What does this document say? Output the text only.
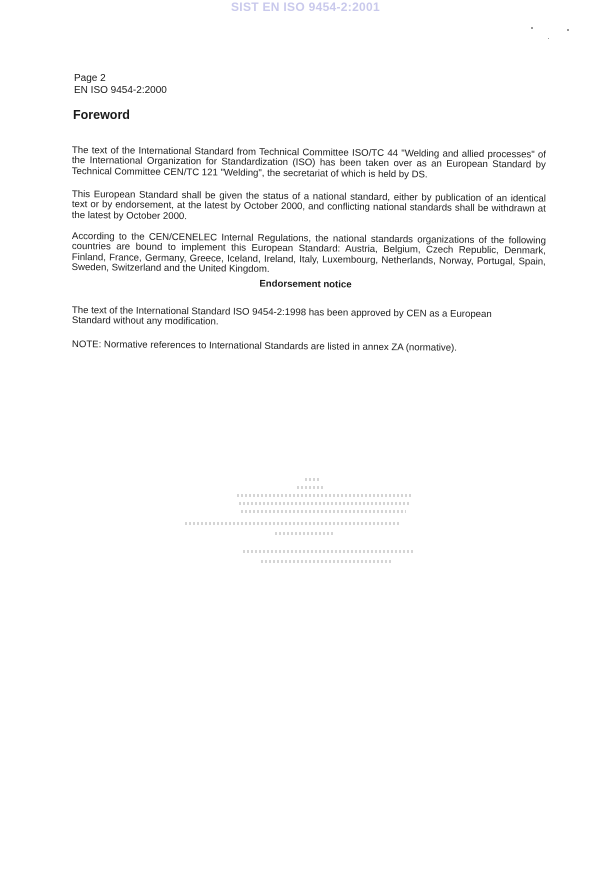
SIST EN ISO 9454-2:2001
Page 2
EN ISO 9454-2:2000
Foreword

The text of the International Standard from Technical Committee ISO/TC 44 "Welding and allied processes" of the International Organization for Standardization (ISO) has been taken over as an European Standard by Technical Committee CEN/TC 121 "Welding", the secretariat of which is held by DS.

This European Standard shall be given the status of a national standard, either by publication of an identical text or by endorsement, at the latest by October 2000, and conflicting national standards shall be withdrawn at the latest by October 2000.

According to the CEN/CENELEC Internal Regulations, the national standards organizations of the following countries are bound to implement this European Standard: Austria, Belgium, Czech Republic, Denmark, Finland, France, Germany, Greece, Iceland, Ireland, Italy, Luxembourg, Netherlands, Norway, Portugal, Spain, Sweden, Switzerland and the United Kingdom.

Endorsement notice

The text of the International Standard ISO 9454-2:1998 has been approved by CEN as a European Standard without any modification.

NOTE: Normative references to International Standards are listed in annex ZA (normative).
